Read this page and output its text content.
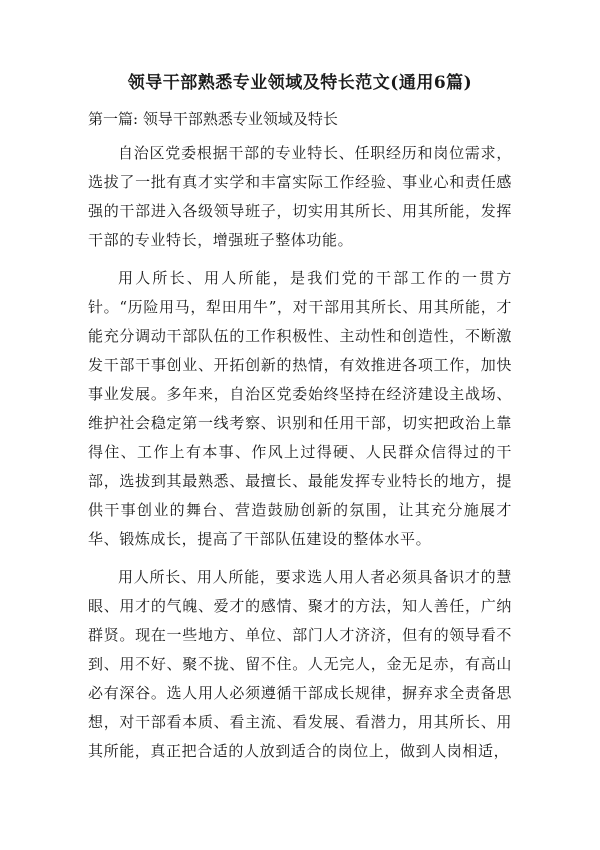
领导干部熟悉专业领域及特长范文(通用6篇)
第一篇: 领导干部熟悉专业领域及特长

自治区党委根据干部的专业特长、任职经历和岗位需求，选拔了一批有真才实学和丰富实际工作经验、事业心和责任感强的干部进入各级领导班子，切实用其所长、用其所能，发挥干部的专业特长，增强班子整体功能。

用人所长、用人所能，是我们党的干部工作的一贯方针。“历险用马，犁田用牛”，对干部用其所长、用其所能，才能充分调动干部队伍的工作积极性、主动性和创造性，不断激发干部干事创业、开拓创新的热情，有效推进各项工作，加快事业发展。多年来，自治区党委始终坚持在经济建设主战场、维护社会稳定第一线考察、识别和任用干部，切实把政治上靠得住、工作上有本事、作风上过得硬、人民群众信得过的干部，选拔到其最熟悉、最擅长、最能发挥专业特长的地方，提供干事创业的舞台、营造鼓励创新的氛围，让其充分施展才华、锻炼成长，提高了干部队伍建设的整体水平。

用人所长、用人所能，要求选人用人者必须具备识才的慧眼、用才的气魄、爱才的感情、聚才的方法，知人善任，广纳群贤。现在一些地方、单位、部门人才济济，但有的领导看不到、用不好、聚不拢、留不住。人无完人，金无足赤，有高山必有深谷。选人用人必须遵循干部成长规律，摒弃求全责备思想，对干部看本质、看主流、看发展、看潜力，用其所长、用其所能，真正把合适的人放到适合的岗位上，做到人岗相适，
